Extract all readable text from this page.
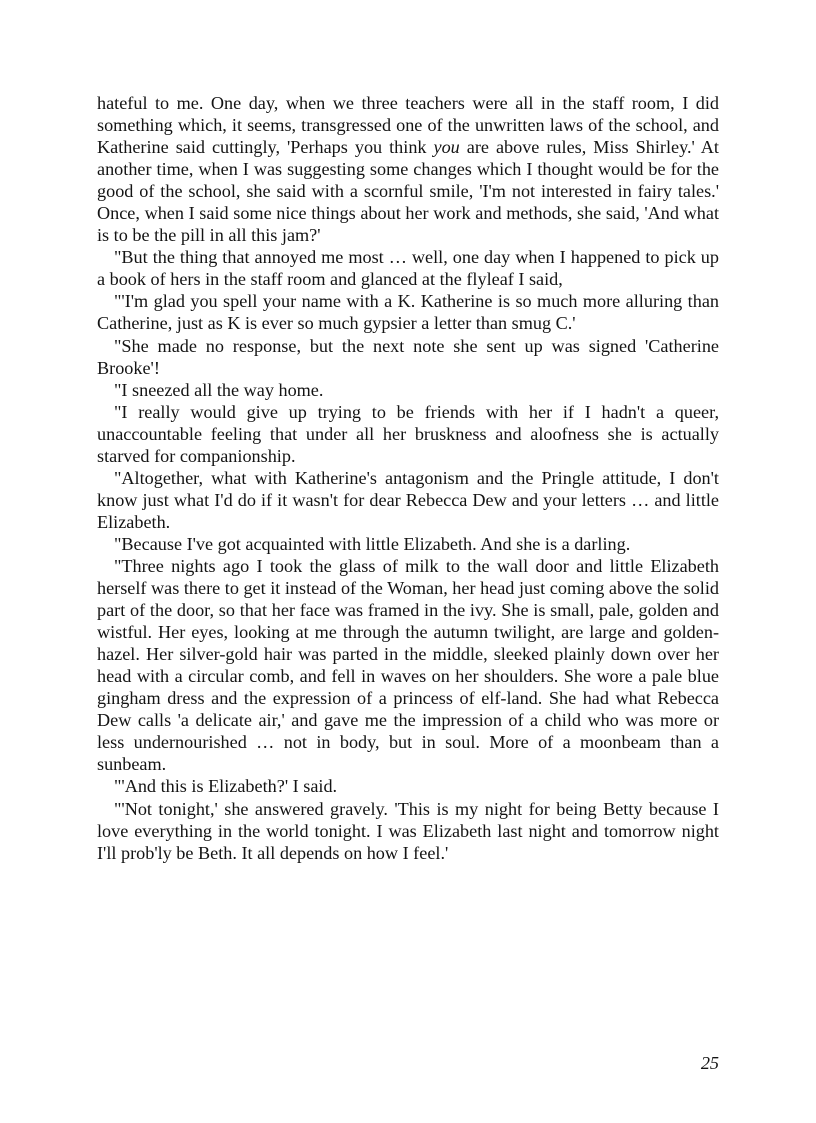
hateful to me. One day, when we three teachers were all in the staff room, I did something which, it seems, transgressed one of the unwritten laws of the school, and Katherine said cuttingly, 'Perhaps you think you are above rules, Miss Shirley.' At another time, when I was suggesting some changes which I thought would be for the good of the school, she said with a scornful smile, 'I'm not interested in fairy tales.' Once, when I said some nice things about her work and methods, she said, 'And what is to be the pill in all this jam?'

"But the thing that annoyed me most … well, one day when I happened to pick up a book of hers in the staff room and glanced at the flyleaf I said,

"'I'm glad you spell your name with a K. Katherine is so much more alluring than Catherine, just as K is ever so much gypsier a letter than smug C.'

"She made no response, but the next note she sent up was signed 'Catherine Brooke'!

"I sneezed all the way home.

"I really would give up trying to be friends with her if I hadn't a queer, unaccountable feeling that under all her bruskness and aloofness she is actually starved for companionship.

"Altogether, what with Katherine's antagonism and the Pringle attitude, I don't know just what I'd do if it wasn't for dear Rebecca Dew and your letters … and little Elizabeth.

"Because I've got acquainted with little Elizabeth. And she is a darling.

"Three nights ago I took the glass of milk to the wall door and little Elizabeth herself was there to get it instead of the Woman, her head just coming above the solid part of the door, so that her face was framed in the ivy. She is small, pale, golden and wistful. Her eyes, looking at me through the autumn twilight, are large and golden-hazel. Her silver-gold hair was parted in the middle, sleeked plainly down over her head with a circular comb, and fell in waves on her shoulders. She wore a pale blue gingham dress and the expression of a princess of elf-land. She had what Rebecca Dew calls 'a delicate air,' and gave me the impression of a child who was more or less undernourished … not in body, but in soul. More of a moonbeam than a sunbeam.

"'And this is Elizabeth?' I said.

"'Not tonight,' she answered gravely. 'This is my night for being Betty because I love everything in the world tonight. I was Elizabeth last night and tomorrow night I'll prob'ly be Beth. It all depends on how I feel.'

25
